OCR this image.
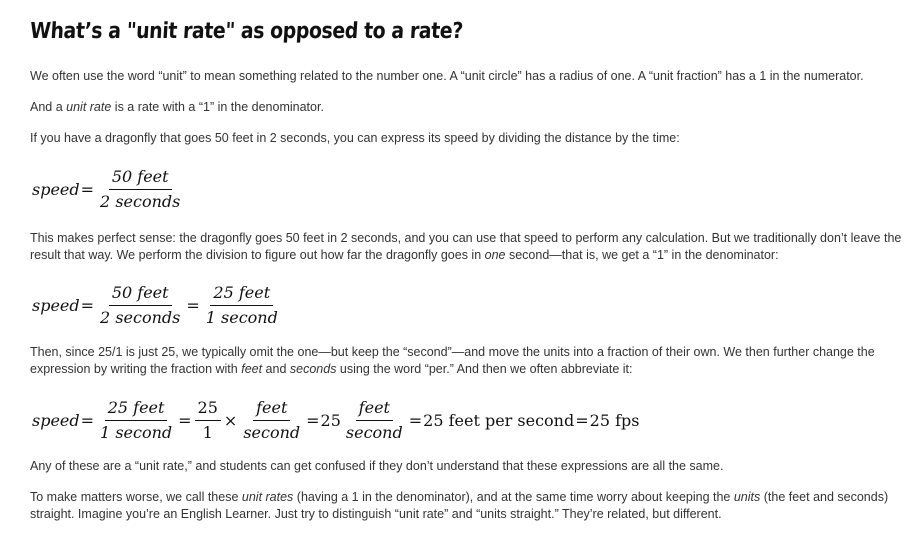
What’s a "unit rate" as opposed to a rate?

We often use the word “unit” to mean something related to the number one. A “unit circle” has a radius of one. A “unit fraction” has a 1 in the numerator.

And a unit rate is a rate with a “1” in the denominator.

If you have a dragonfly that goes 50 feet in 2 seconds, you can express its speed by dividing the distance by the time:

speed = $\frac{\text{50 feet}}{\text{2 seconds}}$

This makes perfect sense: the dragonfly goes 50 feet in 2 seconds, and you can use that speed to perform any calculation. But we traditionally don’t leave the result that way. We perform the division to figure out how far the dragonfly goes in one second—that is, we get a “1” in the denominator:

speed = $\frac{\text{50 feet}}{\text{2 seconds}} = \frac{\text{25 feet}}{\text{1 second}}$

Then, since 25/1 is just 25, we typically omit the one—but keep the “second”—and move the units into a fraction of their own. We then further change the expression by writing the fraction with feet and seconds using the word “per.” And then we often abbreviate it:

speed = $\frac{\text{25 feet}}{\text{1 second}} = \frac{25}{1} \times \frac{\text{feet}}{\text{second}} = 25 \frac{\text{feet}}{\text{second}} = 25$ feet per second = 25 fps

Any of these are a “unit rate,” and students can get confused if they don’t understand that these expressions are all the same.

To make matters worse, we call these unit rates (having a 1 in the denominator), and at the same time worry about keeping the units (the feet and seconds) straight. Imagine you’re an English Learner. Just try to distinguish “unit rate” and “units straight.” They’re related, but different.
